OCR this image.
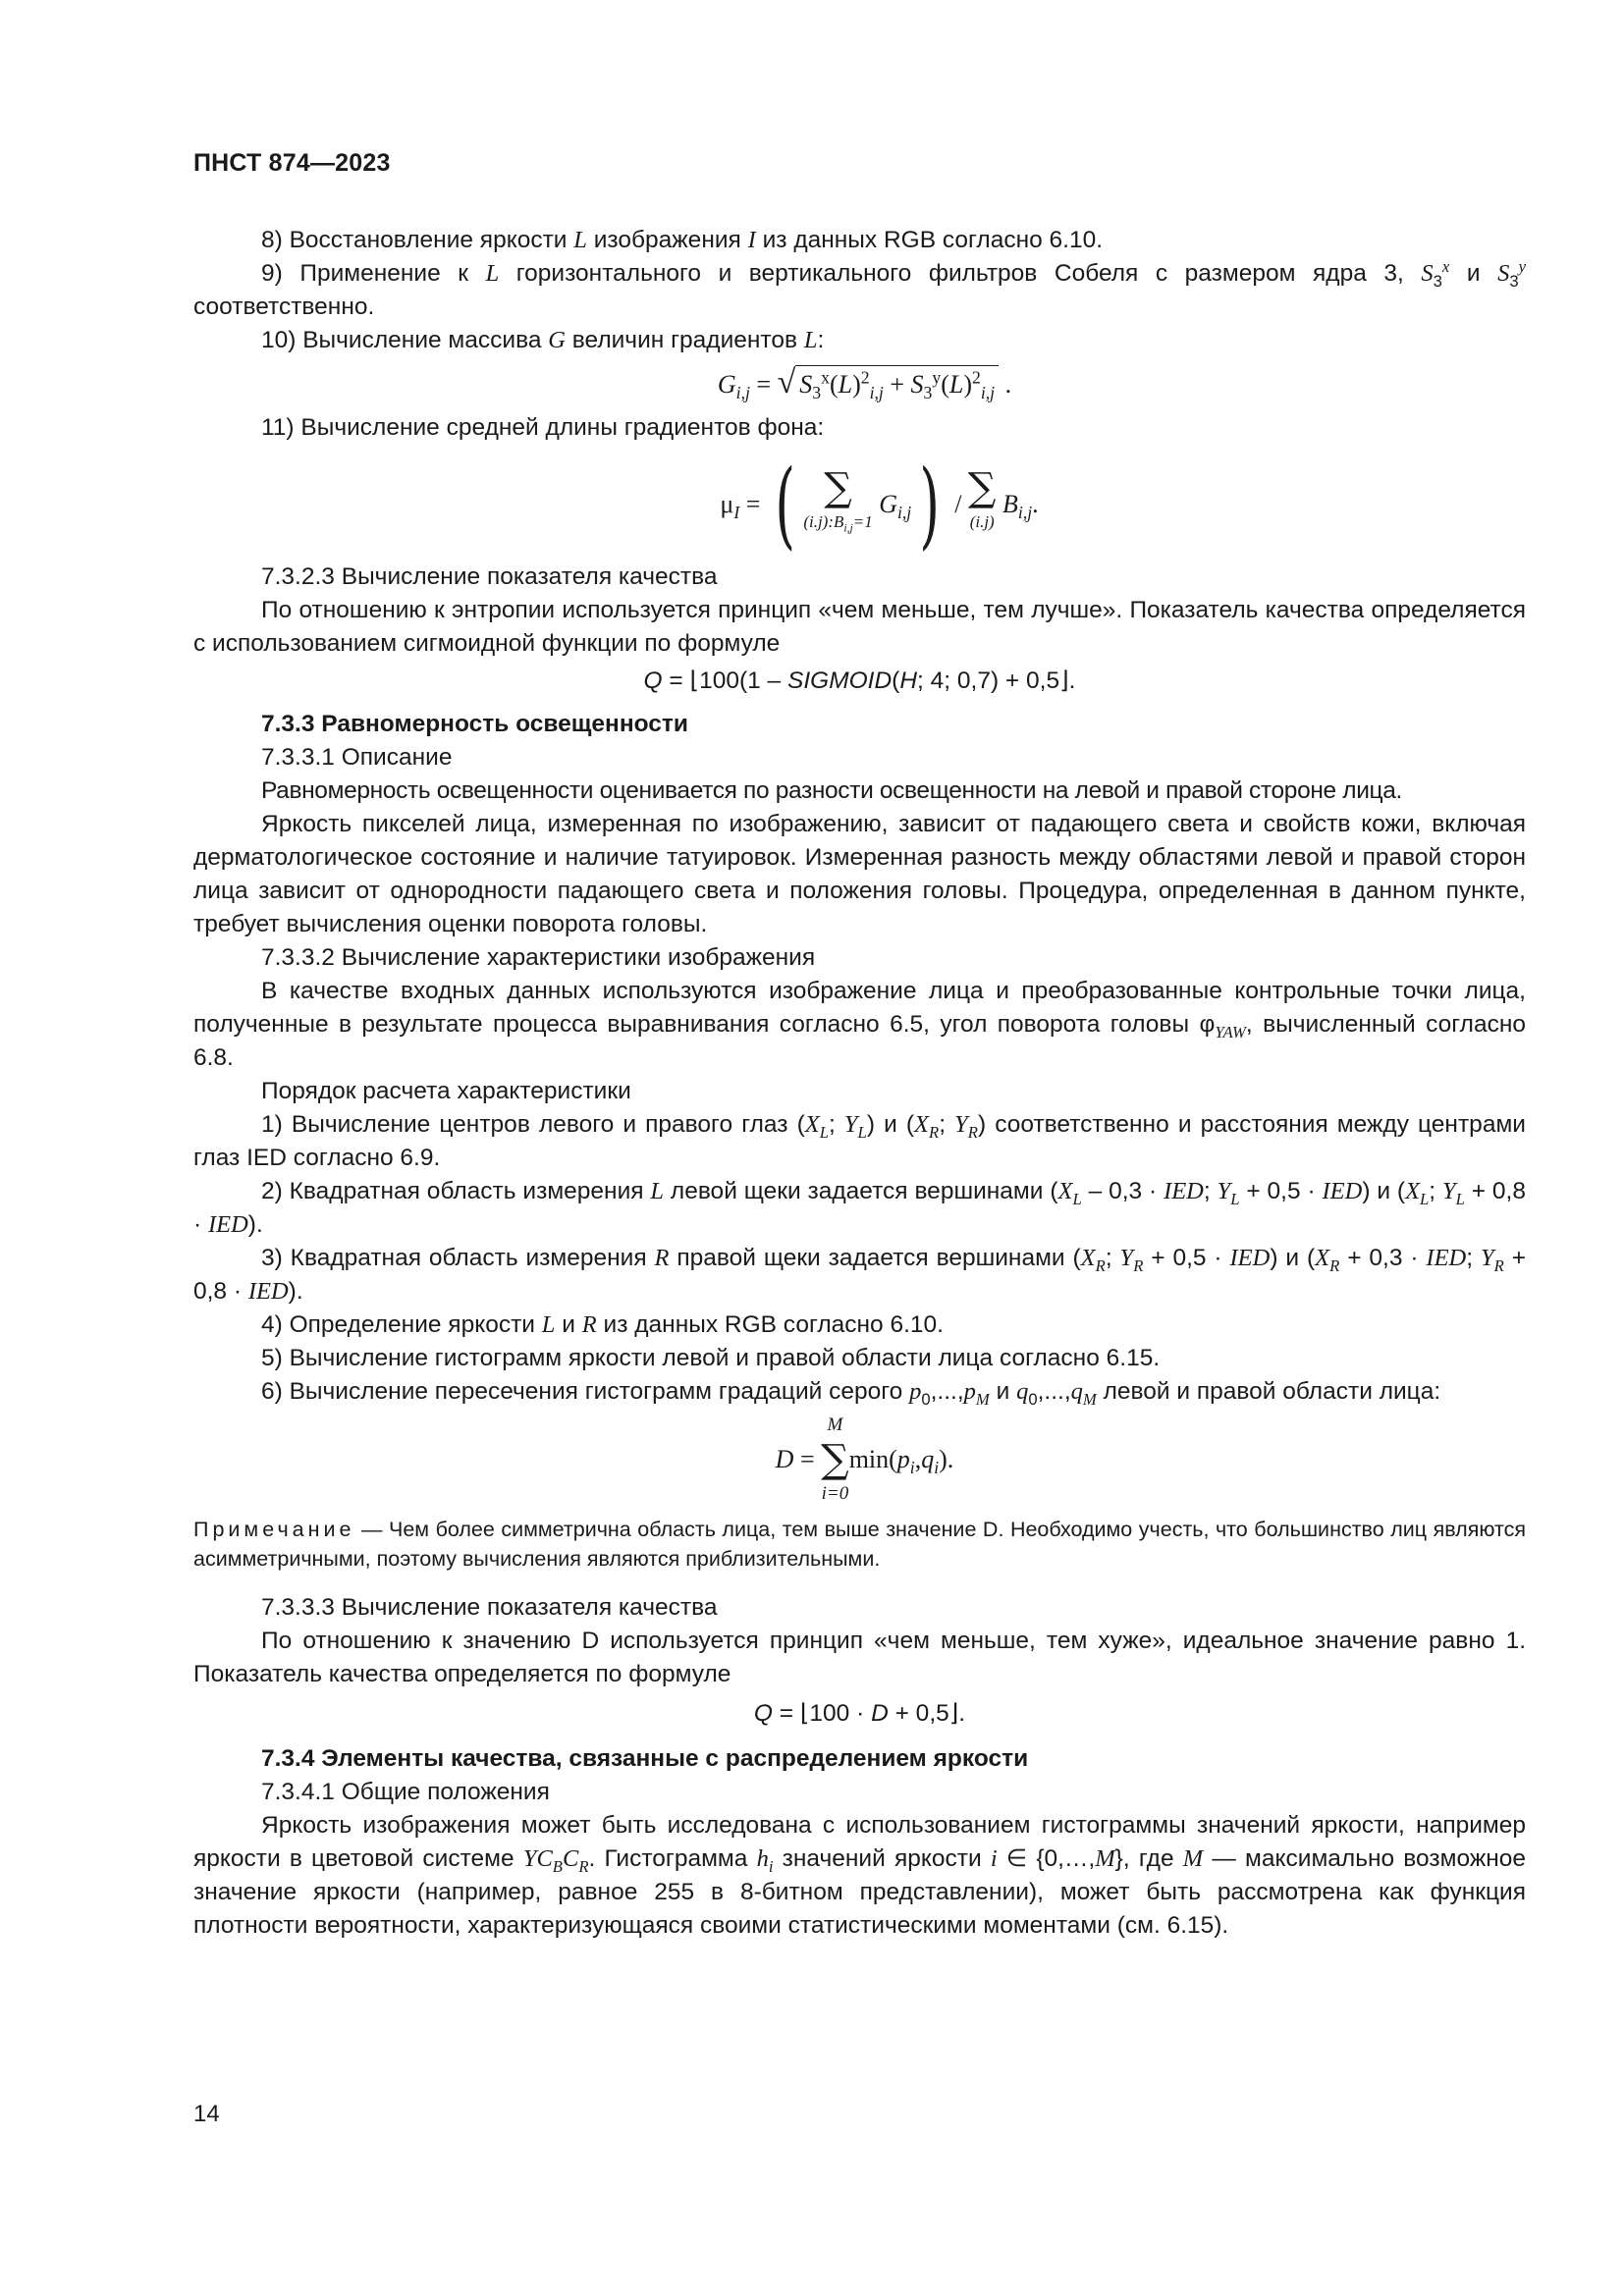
ПНСТ 874—2023

8) Восстановление яркости L изображения I из данных RGB согласно 6.10.

9) Применение к L горизонтального и вертикального фильтров Собеля с размером ядра 3, $S_3^x$ и $S_3^y$

соответственно.

10) Вычисление массива G величин градиентов L:

$G_{i,j}$ = √ $S_3^x(L)^2_{i,j} + S_3^y(L)^2_{i,j}$ .

11) Вычисление средней длины градиентов фона:

$\mu_I$ = ( ∑
$(i.j):B_{i,j}=1$
$G_{i,j}$ ) / ∑
(i.j)
$B_{i,j}$.

7.3.2.3 Вычисление показателя качества

По отношению к энтропии используется принцип «чем меньше, тем лучше». Показатель качества определяется с использованием сигмоидной функции по формуле

Q = ⌊100(1 – SIGMOID(H; 4; 0,7) + 0,5⌋.

7.3.3 Равномерность освещенности

7.3.3.1 Описание

Равномерность освещенности оценивается по разности освещенности на левой и правой стороне лица.

Яркость пикселей лица, измеренная по изображению, зависит от падающего света и свойств кожи, включая дерматологическое состояние и наличие татуировок. Измеренная разность между областями левой и правой сторон лица зависит от однородности падающего света и положения головы. Процедура, определенная в данном пункте, требует вычисления оценки поворота головы.

7.3.3.2 Вычисление характеристики изображения

В качестве входных данных используются изображение лица и преобразованные контрольные точки лица, полученные в результате процесса выравнивания согласно 6.5, угол поворота головы $\varphi_{YAW}$, вычисленный согласно 6.8.

Порядок расчета характеристики

1) Вычисление центров левого и правого глаз ($X_L$; $Y_L$) и ($X_R$; $Y_R$) соответственно и расстояния между центрами глаз IED согласно 6.9.

2) Квадратная область измерения L левой щеки задается вершинами ($X_L - 0,3$ · IED; $Y_L + 0,5 \cdot IED$) и ($X_L$; $Y_L + 0,8 \cdot IED$).

3) Квадратная область измерения R правой щеки задается вершинами ($X_R$; $Y_R + 0,5 \cdot IED$) и ($X_R + 0,3$ · IED; $Y_R + 0,8 \cdot IED$).

4) Определение яркости L и R из данных RGB согласно 6.10.

5) Вычисление гистограмм яркости левой и правой области лица согласно 6.15.

6) Вычисление пересечения гистограмм градаций серого $p_0,...,p_M$ и $q_0,...,q_M$ левой и правой области лица:

D =
M
∑
i=0
$\min(p_i,q_i)$.

Примечание — Чем более симметрична область лица, тем выше значение D. Необходимо учесть, что большинство лиц являются асимметричными, поэтому вычисления являются приблизительными.

7.3.3.3 Вычисление показателя качества

По отношению к значению D используется принцип «чем меньше, тем хуже», идеальное значение равно 1. Показатель качества определяется по формуле

Q = ⌊100 · D + 0,5⌋.

7.3.4 Элементы качества, связанные с распределением яркости

7.3.4.1 Общие положения

Яркость изображения может быть исследована с использованием гистограммы значений яркости, например яркости в цветовой системе $YC_BC_R$. Гистограмма $h_i$ значений яркости i ∈ {0,…,M}, где M — максимально возможное значение яркости (например, равное 255 в 8-битном представлении), может быть рассмотрена как функция плотности вероятности, характеризующаяся своими статистическими моментами (см. 6.15).

14
